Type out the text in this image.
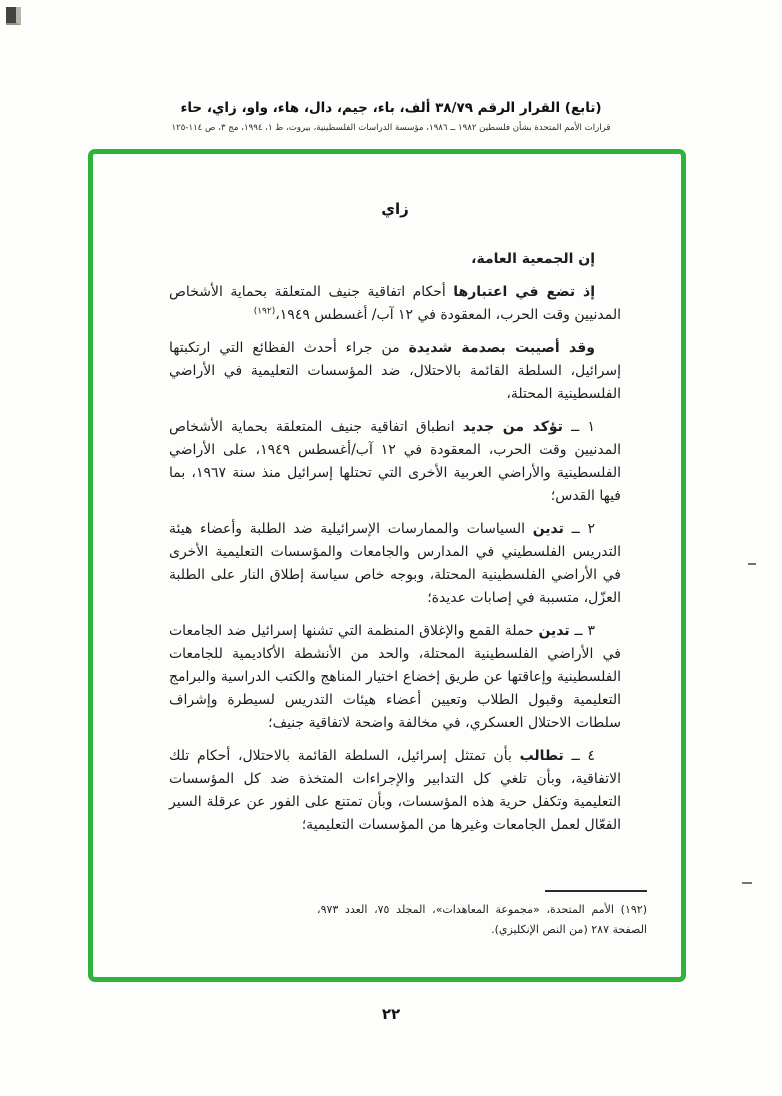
(تابع) القرار الرقم ٣٨/٧٩ ألف، باء، جيم، دال، هاء، واو، زاي، حاء
قرارات الأمم المتحدة بشأن فلسطين ١٩٨٢ ــ ١٩٨٦، مؤسسة الدراسات الفلسطينية، بيروت، ط ١، ١٩٩٤، مج ٣، ص ١١٤-١٢٥
زاي

إن الجمعية العامة،

إذ تضع في اعتبارها أحكام اتفاقية جنيف المتعلقة بحماية الأشخاص المدنيين وقت الحرب، المعقودة في ١٢ آب/ أغسطس ١٩٤٩،$^{(١٩٢)}$

وقد أصيبت بصدمة شديدة من جراء أحدث الفظائع التي ارتكبتها إسرائيل، السلطة القائمة بالاحتلال، ضد المؤسسات التعليمية في الأراضي الفلسطينية المحتلة،

١ ــ تؤكد من جديد انطباق اتفاقية جنيف المتعلقة بحماية الأشخاص المدنيين وقت الحرب، المعقودة في ١٢ آب/أغسطس ١٩٤٩، على الأراضي الفلسطينية والأراضي العربية الأخرى التي تحتلها إسرائيل منذ سنة ١٩٦٧، بما فيها القدس؛

٢ ــ تدين السياسات والممارسات الإسرائيلية ضد الطلبة وأعضاء هيئة التدريس الفلسطيني في المدارس والجامعات والمؤسسات التعليمية الأخرى في الأراضي الفلسطينية المحتلة، وبوجه خاص سياسة إطلاق النار على الطلبة العزّل، متسببة في إصابات عديدة؛

٣ ــ تدين حملة القمع والإغلاق المنظمة التي تشنها إسرائيل ضد الجامعات في الأراضي الفلسطينية المحتلة، والحد من الأنشطة الأكاديمية للجامعات الفلسطينية وإعاقتها عن طريق إخضاع اختيار المناهج والكتب الدراسية والبرامج التعليمية وقبول الطلاب وتعيين أعضاء هيئات التدريس لسيطرة وإشراف سلطات الاحتلال العسكري، في مخالفة واضحة لاتفاقية جنيف؛

٤ ــ تطالب بأن تمتثل إسرائيل، السلطة القائمة بالاحتلال، أحكام تلك الاتفاقية، وبأن تلغي كل التدابير والإجراءات المتخذة ضد كل المؤسسات التعليمية وتكفل حرية هذه المؤسسات، وبأن تمتنع على الفور عن عرقلة السير الفعّال لعمل الجامعات وغيرها من المؤسسات التعليمية؛

(١٩٢) الأمم المتحدة، «مجموعة المعاهدات»، المجلد ٧٥، العدد ٩٧٣، الصفحة ٢٨٧ (من النص الإنكليزي).
٢٢
